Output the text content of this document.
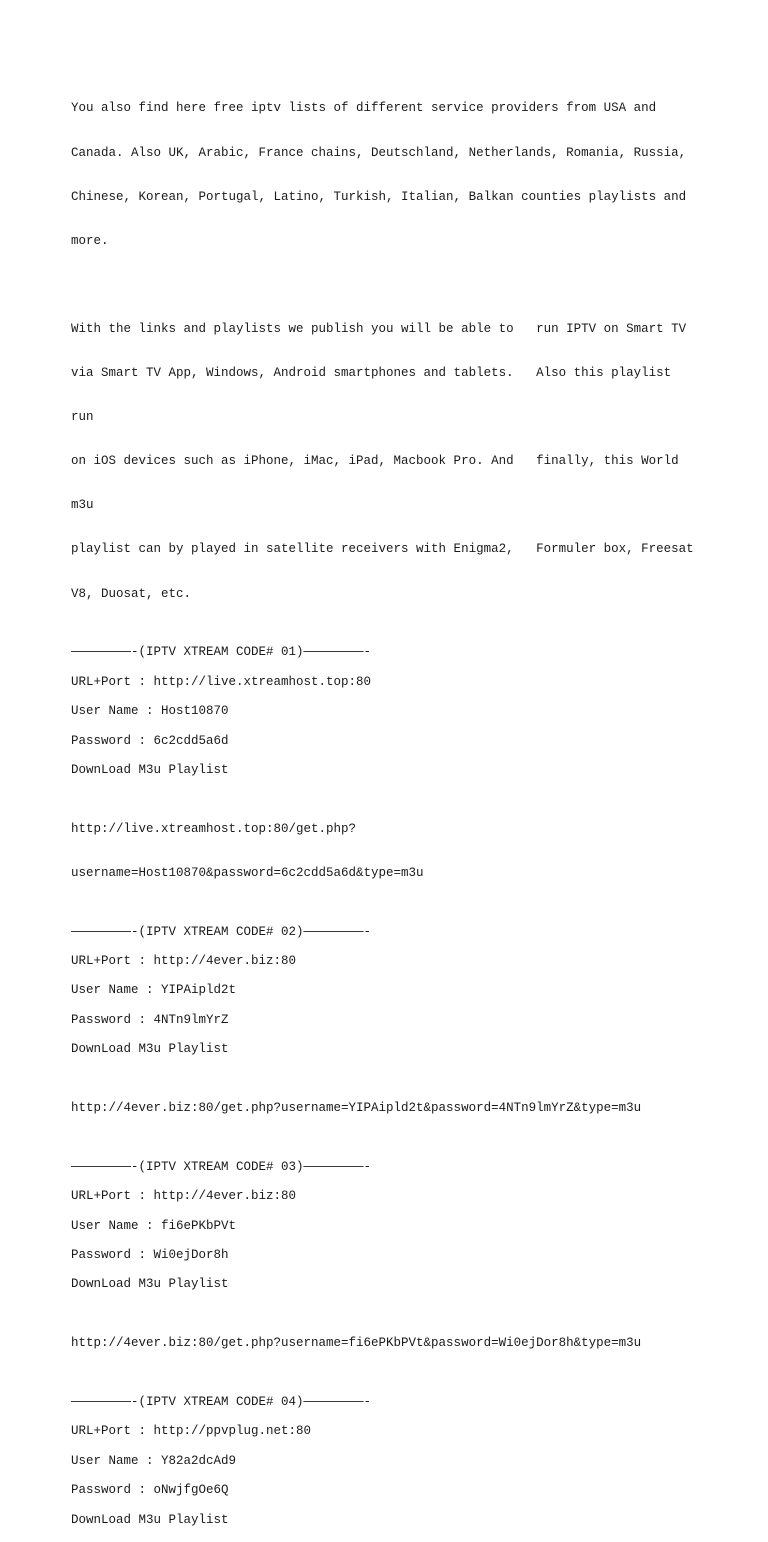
You also find here free iptv lists of different service providers from USA and

Canada. Also UK, Arabic, France chains, Deutschland, Netherlands, Romania, Russia,

Chinese, Korean, Portugal, Latino, Turkish, Italian, Balkan counties playlists and

more.

With the links and playlists we publish you will be able to   run IPTV on Smart TV

via Smart TV App, Windows, Android smartphones and tablets.   Also this playlist

run

on iOS devices such as iPhone, iMac, iPad, Macbook Pro. And   finally, this World

m3u

playlist can by played in satellite receivers with Enigma2,   Formuler box, Freesat

V8, Duosat, etc.

————————-(IPTV XTREAM CODE# 01)————————-
URL+Port : http://live.xtreamhost.top:80
User Name : Host10870
Password : 6c2cdd5a6d
DownLoad M3u Playlist

http://live.xtreamhost.top:80/get.php?

username=Host10870&password=6c2cdd5a6d&type=m3u

————————-(IPTV XTREAM CODE# 02)————————-
URL+Port : http://4ever.biz:80
User Name : YIPAipld2t
Password : 4NTn9lmYrZ
DownLoad M3u Playlist

http://4ever.biz:80/get.php?username=YIPAipld2t&password=4NTn9lmYrZ&type=m3u

————————-(IPTV XTREAM CODE# 03)————————-
URL+Port : http://4ever.biz:80
User Name : fi6ePKbPVt
Password : Wi0ejDor8h
DownLoad M3u Playlist

http://4ever.biz:80/get.php?username=fi6ePKbPVt&password=Wi0ejDor8h&type=m3u

————————-(IPTV XTREAM CODE# 04)————————-
URL+Port : http://ppvplug.net:80
User Name : Y82a2dcAd9
Password : oNwjfgOe6Q
DownLoad M3u Playlist
